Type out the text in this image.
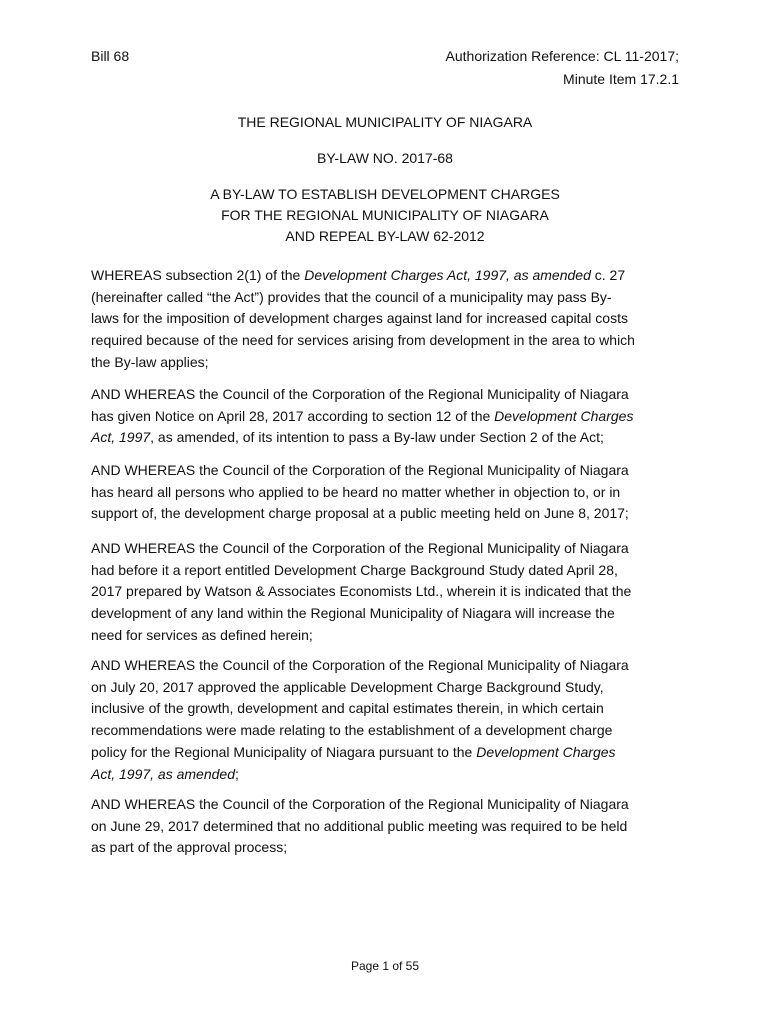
Bill 68	Authorization Reference: CL 11-2017;
Minute Item 17.2.1
THE REGIONAL MUNICIPALITY OF NIAGARA
BY-LAW NO. 2017-68
A BY-LAW TO ESTABLISH DEVELOPMENT CHARGES
FOR THE REGIONAL MUNICIPALITY OF NIAGARA
AND REPEAL BY-LAW 62-2012
WHEREAS subsection 2(1) of the Development Charges Act, 1997, as amended c. 27
(hereinafter called “the Act”) provides that the council of a municipality may pass By-
laws for the imposition of development charges against land for increased capital costs
required because of the need for services arising from development in the area to which
the By-law applies;
AND WHEREAS the Council of the Corporation of the Regional Municipality of Niagara
has given Notice on April 28, 2017 according to section 12 of the Development Charges
Act, 1997, as amended, of its intention to pass a By-law under Section 2 of the Act;
AND WHEREAS the Council of the Corporation of the Regional Municipality of Niagara
has heard all persons who applied to be heard no matter whether in objection to, or in
support of, the development charge proposal at a public meeting held on June 8, 2017;
AND WHEREAS the Council of the Corporation of the Regional Municipality of Niagara
had before it a report entitled Development Charge Background Study dated April 28,
2017 prepared by Watson & Associates Economists Ltd., wherein it is indicated that the
development of any land within the Regional Municipality of Niagara will increase the
need for services as defined herein;
AND WHEREAS the Council of the Corporation of the Regional Municipality of Niagara
on July 20, 2017 approved the applicable Development Charge Background Study,
inclusive of the growth, development and capital estimates therein, in which certain
recommendations were made relating to the establishment of a development charge
policy for the Regional Municipality of Niagara pursuant to the Development Charges
Act, 1997, as amended;
AND WHEREAS the Council of the Corporation of the Regional Municipality of Niagara
on June 29, 2017 determined that no additional public meeting was required to be held
as part of the approval process;
Page 1 of 55
